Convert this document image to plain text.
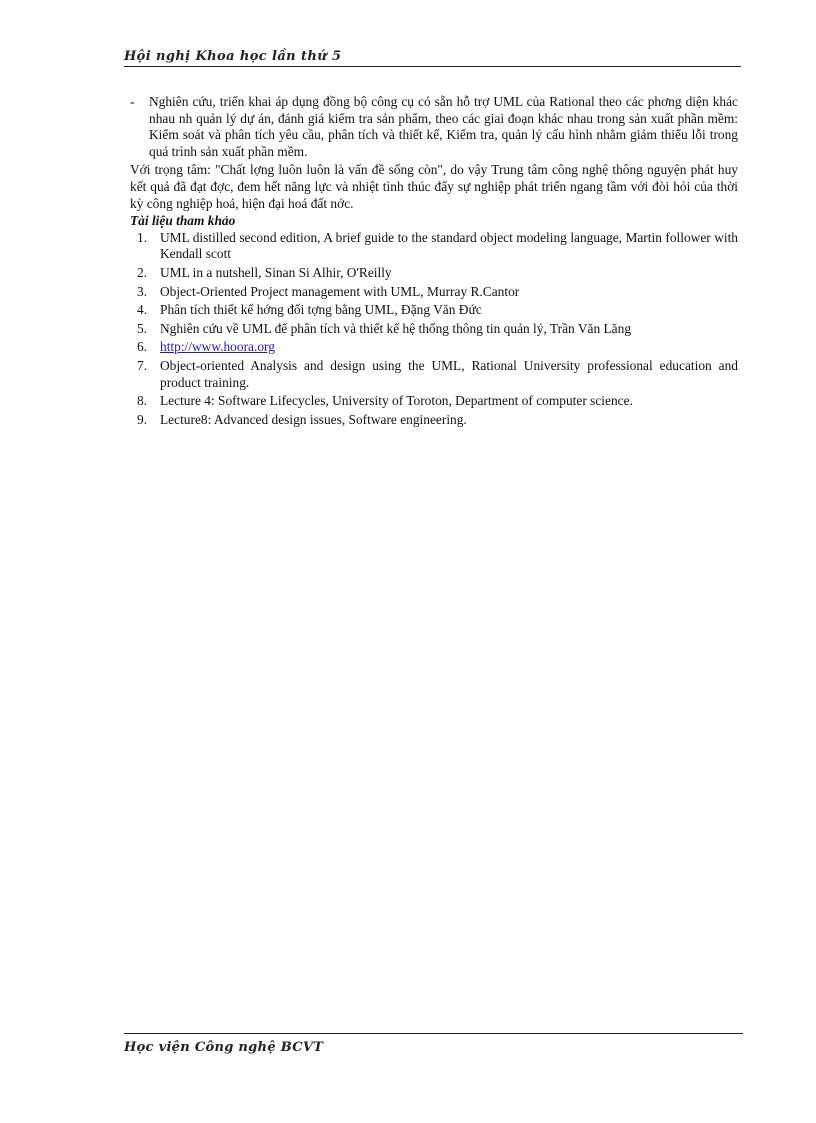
Hội nghị Khoa học lần thứ 5
- Nghiên cứu, triển khai áp dụng đồng bộ công cụ có sẵn hỗ trợ UML của Rational theo các phơng diện khác nhau nh quản lý dự án, đánh giá kiểm tra sản phẩm, theo các giai đoạn khác nhau trong sản xuất phần mềm: Kiểm soát và phân tích yêu cầu, phân tích và thiết kế, Kiểm tra, quản lý cấu hình nhằm giảm thiểu lỗi trong quá trình sản xuất phần mềm.
Với trọng tâm: "Chất lợng luôn luôn là vấn đề sống còn", do vậy Trung tâm công nghệ thông nguyện phát huy kết quả đã đạt đợc, đem hết năng lực và nhiệt tình thúc đẩy sự nghiệp phát triển ngang tầm với đòi hỏi của thời kỳ công nghiệp hoá, hiện đại hoá đất nớc.
Tài liệu tham khảo
1. UML distilled second edition, A brief guide to the standard object modeling language, Martin follower with Kendall scott
2. UML in a nutshell, Sinan Si Alhir, O'Reilly
3. Object-Oriented Project management with UML, Murray R.Cantor
4. Phân tích thiết kế hớng đối tợng bằng UML, Đặng Văn Đức
5. Nghiên cứu về UML để phân tích và thiết kế hệ thống thông tin quản lý, Trần Văn Lăng
6. http://www.hoora.org
7. Object-oriented Analysis and design using the UML, Rational University professional education and product training.
8. Lecture 4: Software Lifecycles, University of Toroton, Department of computer science.
9. Lecture8: Advanced design issues, Software engineering.
Học viện Công nghệ BCVT
